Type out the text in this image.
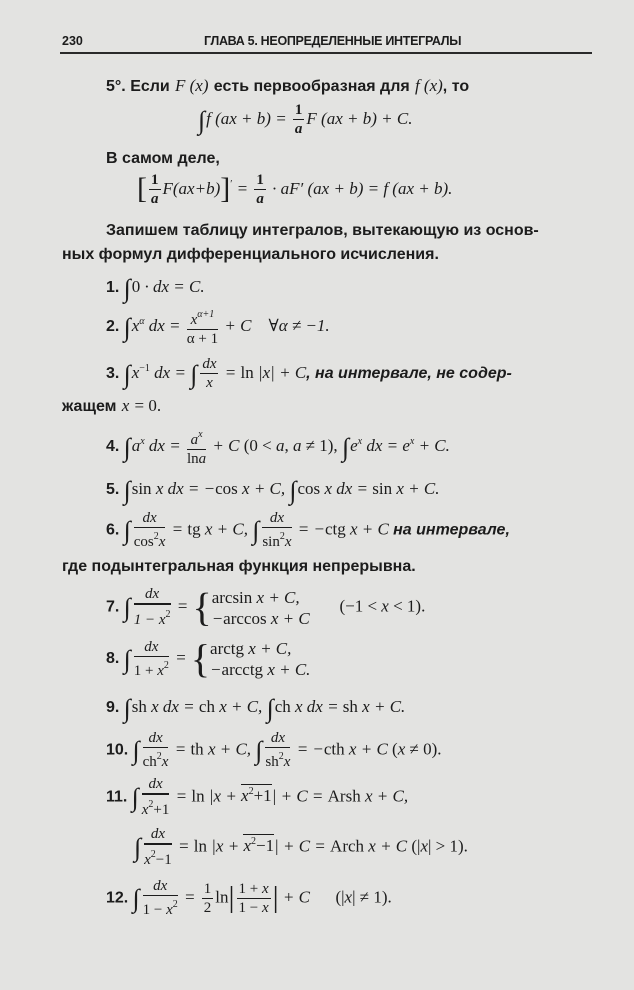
230	ГЛАВА 5. НЕОПРЕДЕЛЕННЫЕ ИНТЕГРАЛЫ
5°. Если F (x) есть первообразная для f (x), то
∫f $(ax + b) = \frac{1}{a}$ F (ax + b) + C.
В самом деле,
[ $\frac{1}{a} F(ax+b)]' = \frac{1}{a} \cdot aF'$ (ax + b) = f (ax + b).
Запишем таблицу интегралов, вытекающую из основ-
ных формул дифференциального исчисления.
1. ∫0 · dx = C.
2. $\int x^\alpha$ dx = $\frac{x^{\alpha+1}}{\alpha + 1} + C$    ∀α ≠ −1.
3. $\int x^{-1}$ dx = ∫ $\frac{dx}{x} = \ln |x| + C$, на интервале, не содер-
жащем x = 0.
4. $\int a^x$ dx = $\frac{a^x}{\ln a} + C$ (0 < a, a ≠ 1), $\int e^x$ dx = $e^x + C$.
5. ∫sin x dx = −cos x + C, ∫cos x dx = sin x + C.
6. ∫ $\frac{dx}{\cos^2x}$ = tg x + C, ∫ $\frac{dx}{\sin^2x} = -ctg$ x + C на интервале,
где подынтегральная функция непрерывна.
7. ∫ $\frac{dx}{1 - x^2}$ = { arcsin x + C,
−arccos x + C
(−1 < x < 1).
8. ∫ $\frac{dx}{1 + x^2}$ = { arctg x + C,
−arcctg x + C.
9. ∫sh x dx = ch x + C, ∫ch x dx = sh x + C.
10. ∫ $\frac{dx}{ch^2x}$ = th x + C, ∫ $\frac{dx}{sh^2x} = -cth$ x + C (x ≠ 0).
11. ∫ $\frac{dx}{x^2+1} = \ln |x + x^2+1| + C$ = Arsh x + C,
∫ $\frac{dx}{x^2-1} = \ln |x + x^2-1| + C$ = Arch x + C (|x| > 1).
12. ∫ $\frac{dx}{1 - x^2} = \frac{1}{2} \ln| \frac{1 + x}{1 - x}$ | + C      (|x| ≠ 1).
